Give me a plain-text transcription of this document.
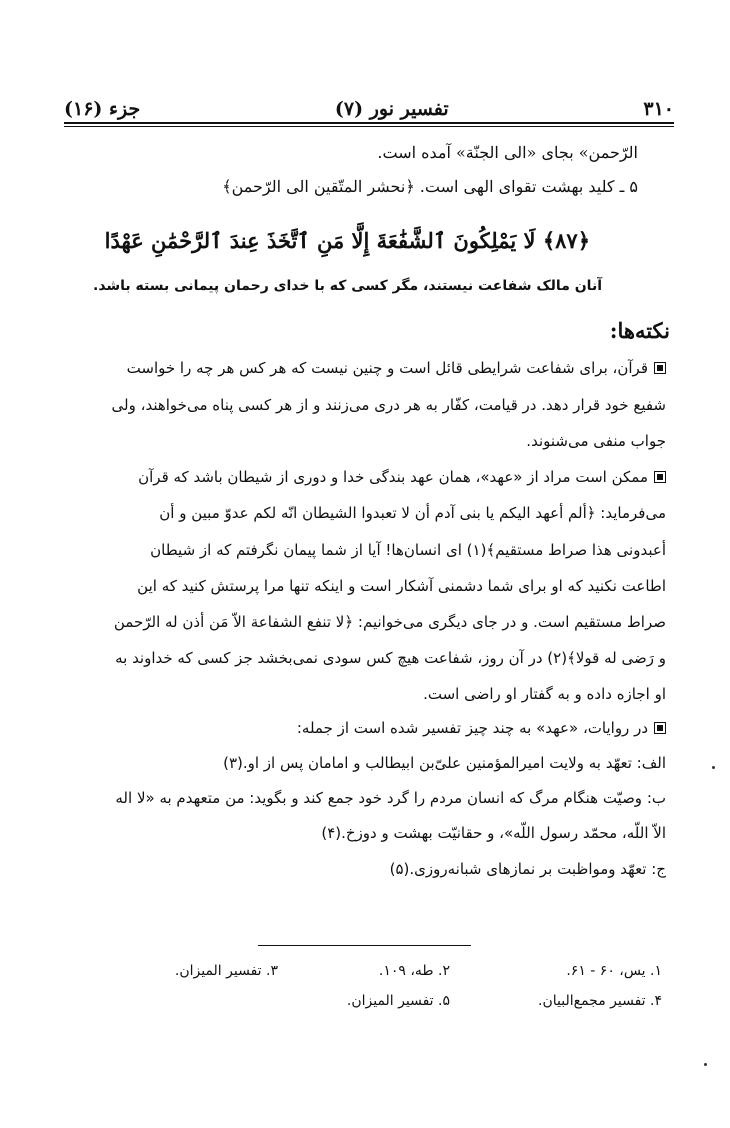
۳۱۰
تفسیر نور (۷)
جزء (۱۶)
الرّحمن» بجای «الی الجنّة» آمده است.
۵ ـ کلید بهشت تقوای الهی است. ﴿نحشر المتّقین الی الرّحمن﴾
﴿۸۷﴾ لَا يَمْلِكُونَ ٱلشَّفَٰعَةَ إِلَّا مَنِ ٱتَّخَذَ عِندَ ٱلرَّحْمَٰنِ عَهْدًا
آنان مالک شفاعت نیستند، مگر کسی که با خدای رحمان پیمانی بسته باشد.
نکته‌ها:
قرآن، برای شفاعت شرایطی قائل است و چنین نیست که هر کس هر چه را خواست
شفیع خود قرار دهد. در قیامت، کفّار به هر دری می‌زنند و از هر کسی پناه می‌خواهند، ولی
جواب منفی می‌شنوند.
ممکن است مراد از «عهد»، همان عهد بندگی خدا و دوری از شیطان باشد که قرآن
می‌فرماید: ﴿ألم أعهد الیکم یا بنی آدم أن لا تعبدوا الشیطان انّه لکم عدوّ مبین و أن
أعبدونی هذا صراط مستقیم﴾(۱) ای انسان‌ها! آیا از شما پیمان نگرفتم که از شیطان
اطاعت نکنید که او برای شما دشمنی آشکار است و اینکه تنها مرا پرستش کنید که این
صراط مستقیم است. و در جای دیگری می‌خوانیم: ﴿لا تنفع الشفاعة الاّ مَن أذن له الرّحمن
و رَضی له قولا﴾(۲) در آن روز، شفاعت هیچ کس سودی نمی‌بخشد جز کسی که خداوند به
او اجازه داده و به گفتار او راضی است.
در روایات، «عهد» به چند چیز تفسیر شده است از جمله:
الف: تعهّد به ولایت امیرالمؤمنین علیّ‌بن ابیطالب و امامان پس از او.(۳)
ب: وصیّت هنگام مرگ که انسان مردم را گرد خود جمع کند و بگوید: من متعهدم به «لا اله
الاّ اللّه، محمّد رسول اللّه»، و حقانیّت بهشت و دوزخ.(۴)
ج: تعهّد ومواظبت بر نمازهای شبانه‌روزی.(۵)
۱. یس، ۶۰ - ۶۱.
۲. طه، ۱۰۹.
۳. تفسیر المیزان.
۴. تفسیر مجمع‌البیان.
۵. تفسیر المیزان.
